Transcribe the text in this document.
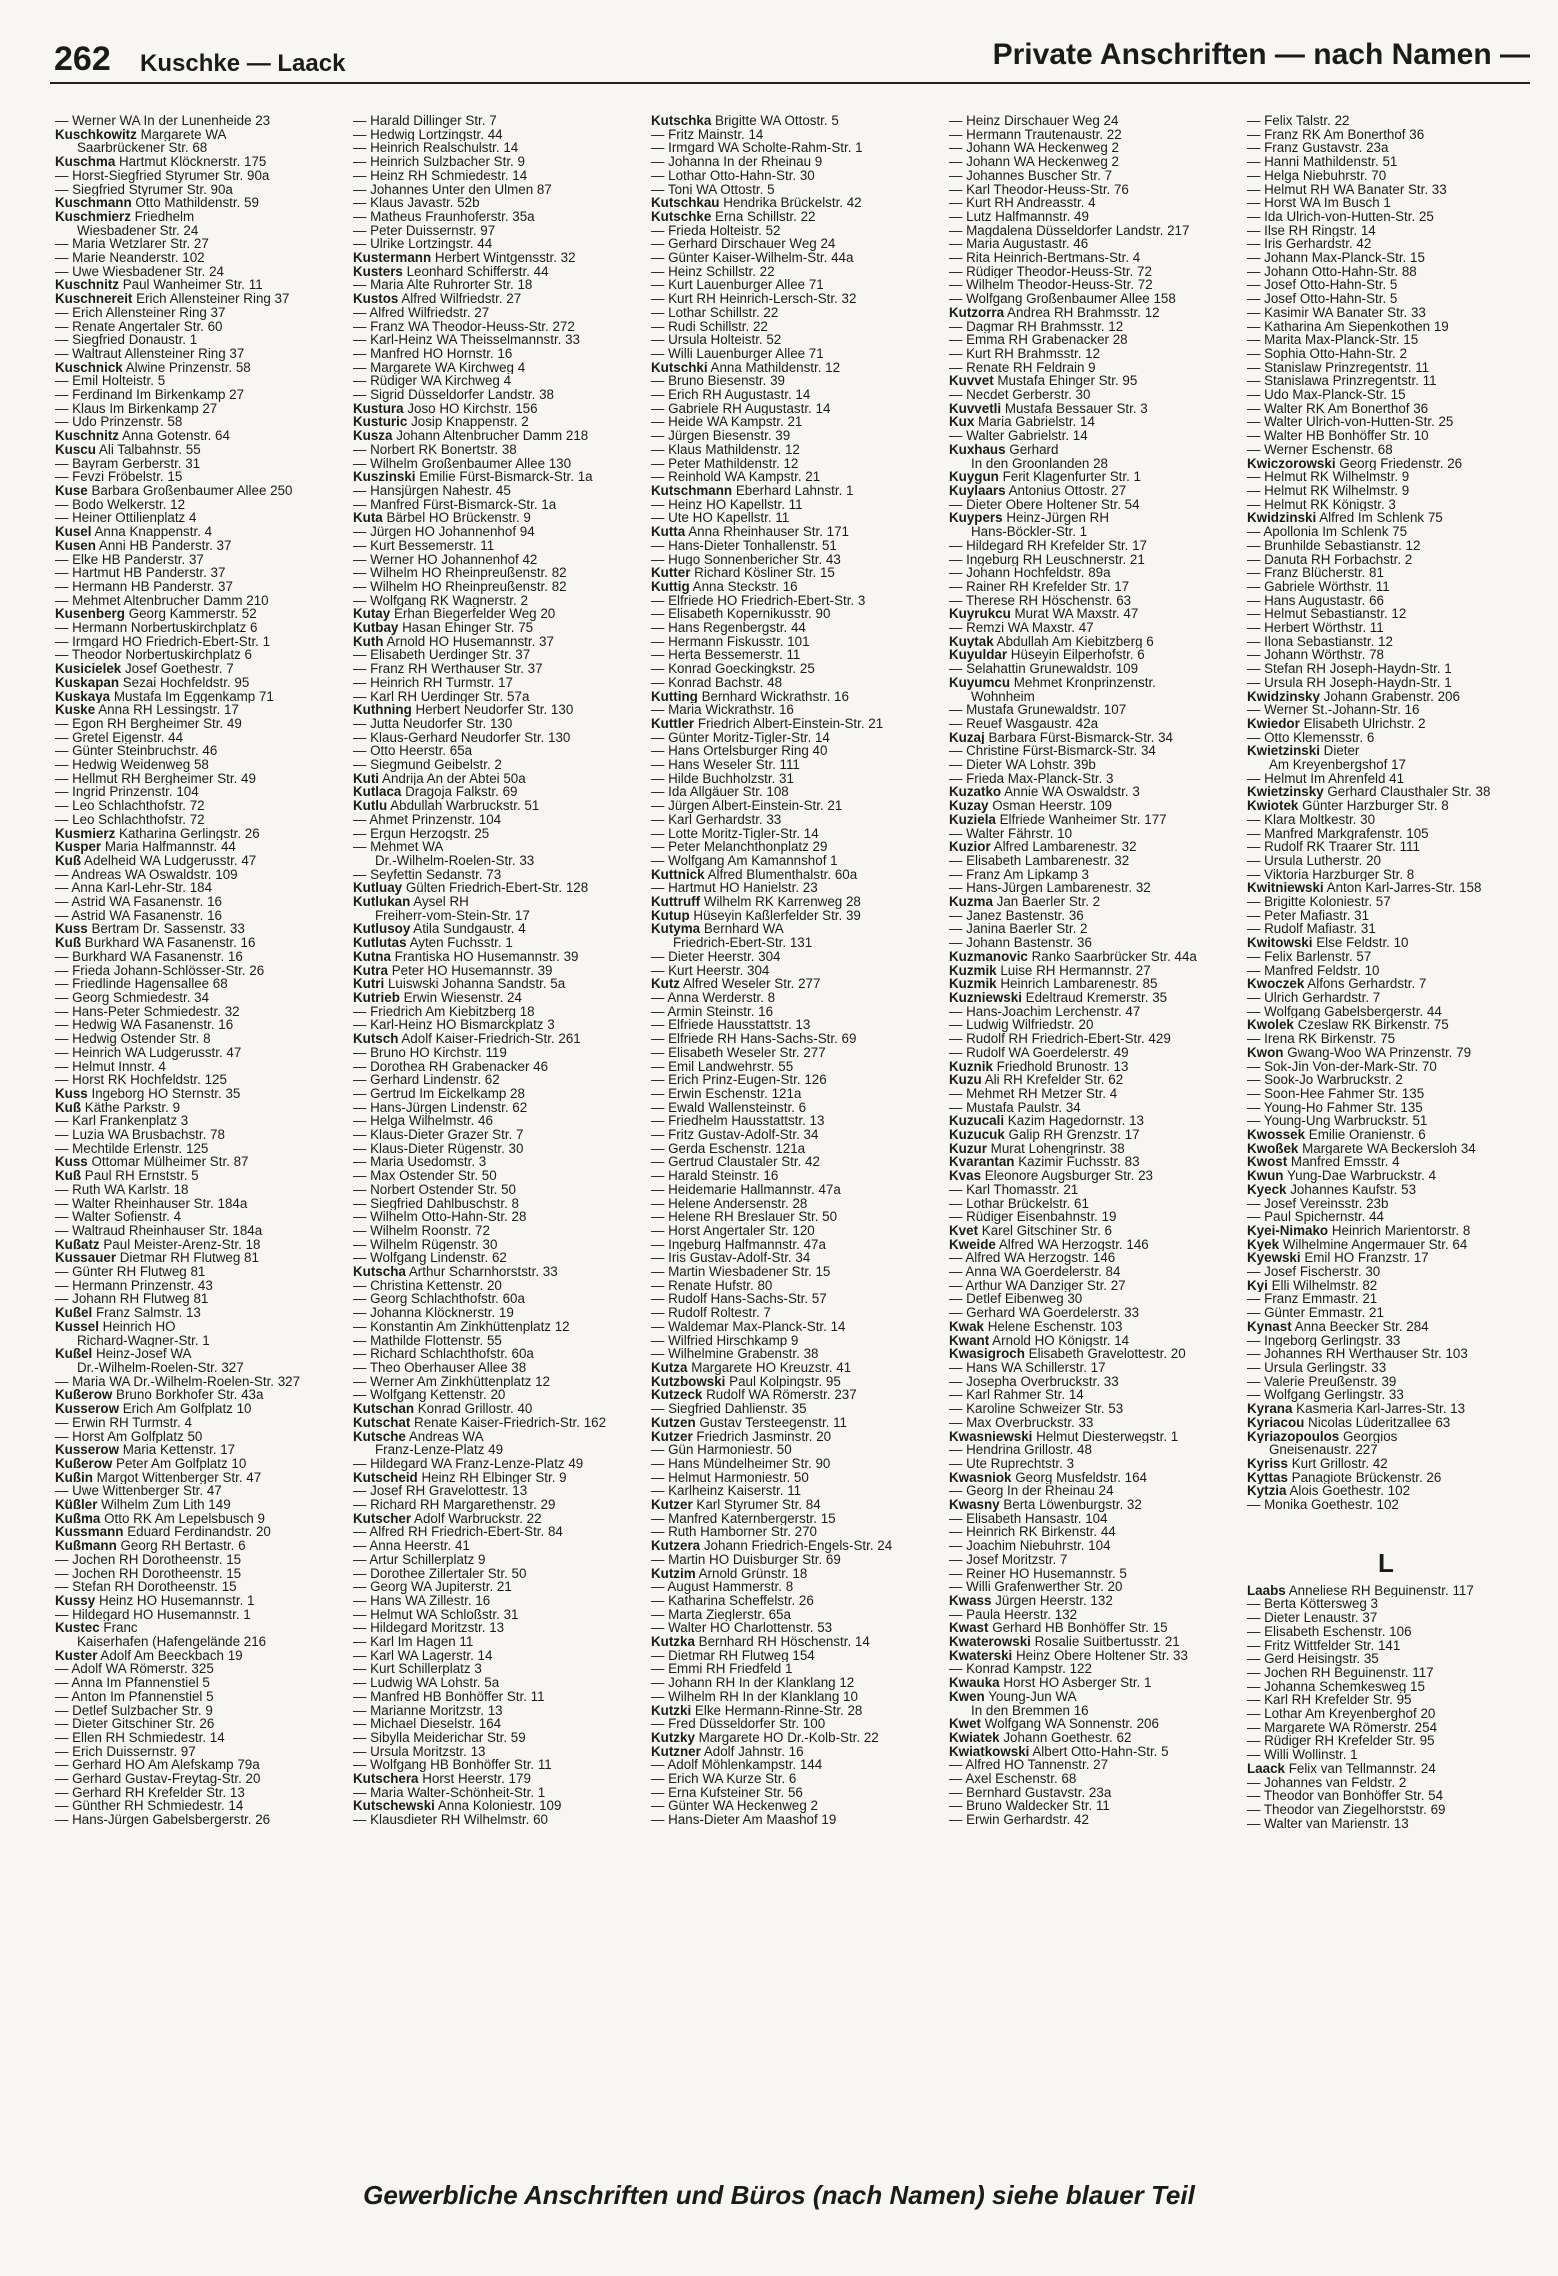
262 Kuschke — Laack	Private Anschriften — nach Namen —
— Werner WA In der Lunenheide 23
Kuschkowitz Margarete WA
Saarbrückener Str. 68
Kuschma Hartmut Klöcknerstr. 175
— Horst-Siegfried Styrumer Str. 90a
— Siegfried Styrumer Str. 90a
Kuschmann Otto Mathildenstr. 59
Kuschmierz Friedhelm
Wiesbadener Str. 24
— Maria Wetzlarer Str. 27
— Marie Neanderstr. 102
— Uwe Wiesbadener Str. 24
Kuschnitz Paul Wanheimer Str. 11
Kuschnereit Erich Allensteiner Ring 37
— Erich Allensteiner Ring 37
— Renate Angertaler Str. 60
— Siegfried Donaustr. 1
— Waltraut Allensteiner Ring 37
Kuschnick Alwine Prinzenstr. 58
— Emil Holteistr. 5
— Ferdinand Im Birkenkamp 27
— Klaus Im Birkenkamp 27
— Udo Prinzenstr. 58
Kuschnitz Anna Gotenstr. 64
Kuscu Ali Talbahnstr. 55
— Bayram Gerberstr. 31
— Fevzi Fröbelstr. 15
Kuse Barbara Großenbaumer Allee 250
— Bodo Welkerstr. 12
— Heiner Ottilienplatz 4
Kusel Anna Knappenstr. 4
Kusen Anni HB Panderstr. 37
— Elke HB Panderstr. 37
— Hartmut HB Panderstr. 37
— Hermann HB Panderstr. 37
— Mehmet Altenbrucher Damm 210
Kusenberg Georg Kammerstr. 52
— Hermann Norbertuskirchplatz 6
— Irmgard HO Friedrich-Ebert-Str. 1
— Theodor Norbertuskirchplatz 6
Kusicielek Josef Goethestr. 7
Kuskapan Sezai Hochfeldstr. 95
Kuskaya Mustafa Im Eggenkamp 71
Kuske Anna RH Lessingstr. 17
— Egon RH Bergheimer Str. 49
— Gretel Eigenstr. 44
— Günter Steinbruchstr. 46
— Hedwig Weidenweg 58
— Hellmut RH Bergheimer Str. 49
— Ingrid Prinzenstr. 104
— Leo Schlachthofstr. 72
— Leo Schlachthofstr. 72
Kusmierz Katharina Gerlingstr. 26
Kusper Maria Halfmannstr. 44
Kuß Adelheid WA Ludgerusstr. 47
— Andreas WA Oswaldstr. 109
— Anna Karl-Lehr-Str. 184
— Astrid WA Fasanenstr. 16
— Astrid WA Fasanenstr. 16
Kuss Bertram Dr. Sassenstr. 33
Kuß Burkhard WA Fasanenstr. 16
— Burkhard WA Fasanenstr. 16
— Frieda Johann-Schlösser-Str. 26
— Friedlinde Hagensallee 68
— Georg Schmiedestr. 34
— Hans-Peter Schmiedestr. 32
— Hedwig WA Fasanenstr. 16
— Hedwig Ostender Str. 8
— Heinrich WA Ludgerusstr. 47
— Helmut Innstr. 4
— Horst RK Hochfeldstr. 125
Kuss Ingeborg HO Sternstr. 35
Kuß Käthe Parkstr. 9
— Karl Frankenplatz 3
— Luzia WA Brusbachstr. 78
— Mechtilde Erlenstr. 125
Kuss Ottomar Mülheimer Str. 87
Kuß Paul RH Ernststr. 5
— Ruth WA Karlstr. 18
— Walter Rheinhauser Str. 184a
— Walter Sofienstr. 4
— Waltraud Rheinhauser Str. 184a
Kußatz Paul Meister-Arenz-Str. 18
Kussauer Dietmar RH Flutweg 81
— Günter RH Flutweg 81
— Hermann Prinzenstr. 43
— Johann RH Flutweg 81
Kußel Franz Salmstr. 13
Kussel Heinrich HO
Richard-Wagner-Str. 1
Kußel Heinz-Josef WA
Dr.-Wilhelm-Roelen-Str. 327
— Maria WA Dr.-Wilhelm-Roelen-Str. 327
Kußerow Bruno Borkhofer Str. 43a
Kusserow Erich Am Golfplatz 10
— Erwin RH Turmstr. 4
— Horst Am Golfplatz 50
Kusserow Maria Kettenstr. 17
Kußerow Peter Am Golfplatz 10
Kußin Margot Wittenberger Str. 47
— Uwe Wittenberger Str. 47
Küßler Wilhelm Zum Lith 149
Kußma Otto RK Am Lepelsbusch 9
Kussmann Eduard Ferdinandstr. 20
Kußmann Georg RH Bertastr. 6
— Jochen RH Dorotheenstr. 15
— Jochen RH Dorotheenstr. 15
— Stefan RH Dorotheenstr. 15
Kussy Heinz HO Husemannstr. 1
— Hildegard HO Husemannstr. 1
Kustec Franc
Kaiserhafen (Hafengelände 216
Kuster Adolf Am Beeckbach 19
— Adolf WA Römerstr. 325
— Anna Im Pfannenstiel 5
— Anton Im Pfannenstiel 5
— Detlef Sulzbacher Str. 9
— Dieter Gitschiner Str. 26
— Ellen RH Schmiedestr. 14
— Erich Duissernstr. 97
— Gerhard HO Am Alefskamp 79a
— Gerhard Gustav-Freytag-Str. 20
— Gerhard RH Krefelder Str. 13
— Günther RH Schmiedestr. 14
— Hans-Jürgen Gabelsbergerstr. 26
— Harald Dillinger Str. 7
— Hedwig Lortzingstr. 44
— Heinrich Realschulstr. 14
— Heinrich Sulzbacher Str. 9
— Heinz RH Schmiedestr. 14
— Johannes Unter den Ulmen 87
— Klaus Javastr. 52b
— Matheus Fraunhoferstr. 35a
— Peter Duissernstr. 97
— Ulrike Lortzingstr. 44
Kustermann Herbert Wintgensstr. 32
Kusters Leonhard Schifferstr. 44
— Maria Alte Ruhrorter Str. 18
Kustos Alfred Wilfriedstr. 27
— Alfred Wilfriedstr. 27
— Franz WA Theodor-Heuss-Str. 272
— Karl-Heinz WA Theisselmannstr. 33
— Manfred HO Hornstr. 16
— Margarete WA Kirchweg 4
— Rüdiger WA Kirchweg 4
— Sigrid Düsseldorfer Landstr. 38
Kustura Joso HO Kirchstr. 156
Kusturic Josip Knappenstr. 2
Kusza Johann Altenbrucher Damm 218
— Norbert RK Bonertstr. 38
— Wilhelm Großenbaumer Allee 130
Kuszinski Emilie Fürst-Bismarck-Str. 1a
— Hansjürgen Nahestr. 45
— Manfred Fürst-Bismarck-Str. 1a
Kuta Bärbel HO Brückenstr. 9
— Jürgen HO Johannenhof 94
— Kurt Bessemerstr. 11
— Werner HO Johannenhof 42
— Wilhelm HO Rheinpreußenstr. 82
— Wilhelm HO Rheinpreußenstr. 82
— Wolfgang RK Wagnerstr. 2
Kutay Erhan Biegerfelder Weg 20
Kutbay Hasan Ehinger Str. 75
Kuth Arnold HO Husemannstr. 37
— Elisabeth Uerdinger Str. 37
— Franz RH Werthauser Str. 37
— Heinrich RH Turmstr. 17
— Karl RH Uerdinger Str. 57a
Kuthning Herbert Neudorfer Str. 130
— Jutta Neudorfer Str. 130
— Klaus-Gerhard Neudorfer Str. 130
— Otto Heerstr. 65a
— Siegmund Geibelstr. 2
Kuti Andrija An der Abtei 50a
Kutlaca Dragoja Falkstr. 69
Kutlu Abdullah Warbruckstr. 51
— Ahmet Prinzenstr. 104
— Ergun Herzogstr. 25
— Mehmet WA
Dr.-Wilhelm-Roelen-Str. 33
— Seyfettin Sedanstr. 73
Kutluay Gülten Friedrich-Ebert-Str. 128
Kutlukan Aysel RH
Freiherr-vom-Stein-Str. 17
Kutlusoy Atila Sundgaustr. 4
Kutlutas Ayten Fuchsstr. 1
Kutna Frantiska HO Husemannstr. 39
Kutra Peter HO Husemannstr. 39
Kutri Luiswski Johanna Sandstr. 5a
Kutrieb Erwin Wiesenstr. 24
— Friedrich Am Kiebitzberg 18
— Karl-Heinz HO Bismarckplatz 3
Kutsch Adolf Kaiser-Friedrich-Str. 261
— Bruno HO Kirchstr. 119
— Dorothea RH Grabenacker 46
— Gerhard Lindenstr. 62
— Gertrud Im Eickelkamp 28
— Hans-Jürgen Lindenstr. 62
— Helga Wilhelmstr. 46
— Klaus-Dieter Grazer Str. 7
— Klaus-Dieter Rügenstr. 30
— Maria Usedomstr. 3
— Max Ostender Str. 50
— Norbert Ostender Str. 50
— Siegfried Dahlbuschstr. 8
— Wilhelm Otto-Hahn-Str. 28
— Wilhelm Roonstr. 72
— Wilhelm Rügenstr. 30
— Wolfgang Lindenstr. 62
Kutscha Arthur Scharnhorststr. 33
— Christina Kettenstr. 20
— Georg Schlachthofstr. 60a
— Johanna Klöcknerstr. 19
— Konstantin Am Zinkhüttenplatz 12
— Mathilde Flottenstr. 55
— Richard Schlachthofstr. 60a
— Theo Oberhauser Allee 38
— Werner Am Zinkhüttenplatz 12
— Wolfgang Kettenstr. 20
Kutschan Konrad Grillostr. 40
Kutschat Renate Kaiser-Friedrich-Str. 162
Kutsche Andreas WA
Franz-Lenze-Platz 49
— Hildegard WA Franz-Lenze-Platz 49
Kutscheid Heinz RH Elbinger Str. 9
— Josef RH Gravelottestr. 13
— Richard RH Margarethenstr. 29
Kutscher Adolf Warbruckstr. 22
— Alfred RH Friedrich-Ebert-Str. 84
— Anna Heerstr. 41
— Artur Schillerplatz 9
— Dorothee Zillertaler Str. 50
— Georg WA Jupiterstr. 21
— Hans WA Zillestr. 16
— Helmut WA Schloßstr. 31
— Hildegard Moritzstr. 13
— Karl Im Hagen 11
— Karl WA Lagerstr. 14
— Kurt Schillerplatz 3
— Ludwig WA Lohstr. 5a
— Manfred HB Bonhöffer Str. 11
— Marianne Moritzstr. 13
— Michael Dieselstr. 164
— Sibylla Meiderichar Str. 59
— Ursula Moritzstr. 13
— Wolfgang HB Bonhöffer Str. 11
Kutschera Horst Heerstr. 179
— Maria Walter-Schönheit-Str. 1
Kutschewski Anna Koloniestr. 109
— Klausdieter RH Wilhelmstr. 60
Kutschka Brigitte WA Ottostr. 5
— Fritz Mainstr. 14
— Irmgard WA Scholte-Rahm-Str. 1
— Johanna In der Rheinau 9
— Lothar Otto-Hahn-Str. 30
— Toni WA Ottostr. 5
Kutschkau Hendrika Brückelstr. 42
Kutschke Erna Schillstr. 22
— Frieda Holteistr. 52
— Gerhard Dirschauer Weg 24
— Günter Kaiser-Wilhelm-Str. 44a
— Heinz Schillstr. 22
— Kurt Lauenburger Allee 71
— Kurt RH Heinrich-Lersch-Str. 32
— Lothar Schillstr. 22
— Rudi Schillstr. 22
— Ursula Holteistr. 52
— Willi Lauenburger Allee 71
Kutschki Anna Mathildenstr. 12
— Bruno Biesenstr. 39
— Erich RH Augustastr. 14
— Gabriele RH Augustastr. 14
— Heide WA Kampstr. 21
— Jürgen Biesenstr. 39
— Klaus Mathildenstr. 12
— Peter Mathildenstr. 12
— Reinhold WA Kampstr. 21
Kutschmann Eberhard Lahnstr. 1
— Heinz HO Kapellstr. 11
— Ute HO Kapellstr. 11
Kutta Anna Rheinhauser Str. 171
— Hans-Dieter Tonhallenstr. 51
— Hugo Sonnenbericher Str. 43
Kutter Richard Kösliner Str. 15
Kuttig Anna Steckstr. 16
— Elfriede HO Friedrich-Ebert-Str. 3
— Elisabeth Kopernikusstr. 90
— Hans Regenbergstr. 44
— Hermann Fiskusstr. 101
— Herta Bessemerstr. 11
— Konrad Goeckingkstr. 25
— Konrad Bachstr. 48
Kutting Bernhard Wickrathstr. 16
— Maria Wickrathstr. 16
Kuttler Friedrich Albert-Einstein-Str. 21
— Günter Moritz-Tigler-Str. 14
— Hans Ortelsburger Ring 40
— Hans Weseler Str. 111
— Hilde Buchholzstr. 31
— Ida Allgäuer Str. 108
— Jürgen Albert-Einstein-Str. 21
— Karl Gerhardstr. 33
— Lotte Moritz-Tigler-Str. 14
— Peter Melanchthonplatz 29
— Wolfgang Am Kamannshof 1
Kuttnick Alfred Blumenthalstr. 60a
— Hartmut HO Hanielstr. 23
Kuttruff Wilhelm RK Karrenweg 28
Kutup Hüseyin Kaßlerfelder Str. 39
Kutyma Bernhard WA
Friedrich-Ebert-Str. 131
— Dieter Heerstr. 304
— Kurt Heerstr. 304
Kutz Alfred Weseler Str. 277
— Anna Werderstr. 8
— Armin Steinstr. 16
— Elfriede Hausstattstr. 13
— Elfriede RH Hans-Sachs-Str. 69
— Elisabeth Weseler Str. 277
— Emil Landwehrstr. 55
— Erich Prinz-Eugen-Str. 126
— Erwin Eschenstr. 121a
— Ewald Wallensteinstr. 6
— Friedhelm Hausstattstr. 13
— Fritz Gustav-Adolf-Str. 34
— Gerda Eschenstr. 121a
— Gertrud Claustaler Str. 42
— Harald Steinstr. 16
— Heidemarie Hallmannstr. 47a
— Helene Andersenstr. 28
— Helene RH Breslauer Str. 50
— Horst Angertaler Str. 120
— Ingeburg Halfmannstr. 47a
— Iris Gustav-Adolf-Str. 34
— Martin Wiesbadener Str. 15
— Renate Hufstr. 80
— Rudolf Hans-Sachs-Str. 57
— Rudolf Roltestr. 7
— Waldemar Max-Planck-Str. 14
— Wilfried Hirschkamp 9
— Wilhelmine Grabenstr. 38
Kutza Margarete HO Kreuzstr. 41
Kutzbowski Paul Kolpingstr. 95
Kutzeck Rudolf WA Römerstr. 237
— Siegfried Dahlienstr. 35
Kutzen Gustav Tersteegenstr. 11
Kutzer Friedrich Jasminstr. 20
— Gün Harmoniestr. 50
— Hans Mündelheimer Str. 90
— Helmut Harmoniestr. 50
— Karlheinz Kaiserstr. 11
Kutzer Karl Styrumer Str. 84
— Manfred Katernbergerstr. 15
— Ruth Hamborner Str. 270
Kutzera Johann Friedrich-Engels-Str. 24
— Martin HO Duisburger Str. 69
Kutzim Arnold Grünstr. 18
— August Hammerstr. 8
— Katharina Scheffelstr. 26
— Marta Zieglerstr. 65a
— Walter HO Charlottenstr. 53
Kutzka Bernhard RH Höschenstr. 14
— Dietmar RH Flutweg 154
— Emmi RH Friedfeld 1
— Johann RH In der Klanklang 12
— Wilhelm RH In der Klanklang 10
Kutzki Elke Hermann-Rinne-Str. 28
— Fred Düsseldorfer Str. 100
Kutzky Margarete HO Dr.-Kolb-Str. 22
Kutzner Adolf Jahnstr. 16
— Adolf Möhlenkampstr. 144
— Erich WA Kurze Str. 6
— Erna Kufsteiner Str. 56
— Günter WA Heckenweg 2
— Hans-Dieter Am Maashof 19
— Heinz Dirschauer Weg 24
— Hermann Trautenaustr. 22
— Johann WA Heckenweg 2
— Johann WA Heckenweg 2
— Johannes Buscher Str. 7
— Karl Theodor-Heuss-Str. 76
— Kurt RH Andreasstr. 4
— Lutz Halfmannstr. 49
— Magdalena Düsseldorfer Landstr. 217
— Maria Augustastr. 46
— Rita Heinrich-Bertmans-Str. 4
— Rüdiger Theodor-Heuss-Str. 72
— Wilhelm Theodor-Heuss-Str. 72
— Wolfgang Großenbaumer Allee 158
Kutzorra Andrea RH Brahmsstr. 12
— Dagmar RH Brahmsstr. 12
— Emma RH Grabenacker 28
— Kurt RH Brahmsstr. 12
— Renate RH Feldrain 9
Kuvvet Mustafa Ehinger Str. 95
— Necdet Gerberstr. 30
Kuvvetli Mustafa Bessauer Str. 3
Kux Maria Gabrielstr. 14
— Walter Gabrielstr. 14
Kuxhaus Gerhard
In den Groonlanden 28
Kuygun Ferit Klagenfurter Str. 1
Kuylaars Antonius Ottostr. 27
— Dieter Obere Holtener Str. 54
Kuypers Heinz-Jürgen RH
Hans-Böckler-Str. 1
— Hildegard RH Krefelder Str. 17
— Ingeburg RH Leuschnerstr. 21
— Johann Hochfeldstr. 89a
— Rainer RH Krefelder Str. 17
— Therese RH Höschenstr. 63
Kuyrukcu Murat WA Maxstr. 47
— Remzi WA Maxstr. 47
Kuytak Abdullah Am Kiebitzberg 6
Kuyuldar Hüseyin Eilperhofstr. 6
— Selahattin Grunewaldstr. 109
Kuyumcu Mehmet Kronprinzenstr.
Wohnheim
— Mustafa Grunewaldstr. 107
— Reuef Wasgaustr. 42a
Kuzaj Barbara Fürst-Bismarck-Str. 34
— Christine Fürst-Bismarck-Str. 34
— Dieter WA Lohstr. 39b
— Frieda Max-Planck-Str. 3
Kuzatko Annie WA Oswaldstr. 3
Kuzay Osman Heerstr. 109
Kuziela Elfriede Wanheimer Str. 177
— Walter Fährstr. 10
Kuzior Alfred Lambarenestr. 32
— Elisabeth Lambarenestr. 32
— Franz Am Lipkamp 3
— Hans-Jürgen Lambarenestr. 32
Kuzma Jan Baerler Str. 2
— Janez Bastenstr. 36
— Janina Baerler Str. 2
— Johann Bastenstr. 36
Kuzmanovic Ranko Saarbrücker Str. 44a
Kuzmik Luise RH Hermannstr. 27
Kuzmik Heinrich Lambarenestr. 85
Kuzniewski Edeltraud Kremerstr. 35
— Hans-Joachim Lerchenstr. 47
— Ludwig Wilfriedstr. 20
— Rudolf RH Friedrich-Ebert-Str. 429
— Rudolf WA Goerdelerstr. 49
Kuznik Friedhold Brunostr. 13
Kuzu Ali RH Krefelder Str. 62
— Mehmet RH Metzer Str. 4
— Mustafa Paulstr. 34
Kuzucali Kazim Hagedornstr. 13
Kuzucuk Galip RH Grenzstr. 17
Kuzur Murat Lohengrinstr. 38
Kvarantan Kazimir Fuchsstr. 83
Kvas Eleonore Augsburger Str. 23
— Karl Thomasstr. 21
— Lothar Brückelstr. 61
— Rüdiger Eisenbahnstr. 19
Kvet Karel Gitschiner Str. 6
Kweide Alfred WA Herzogstr. 146
— Alfred WA Herzogstr. 146
— Anna WA Goerdelerstr. 84
— Arthur WA Danziger Str. 27
— Detlef Eibenweg 30
— Gerhard WA Goerdelerstr. 33
Kwak Helene Eschenstr. 103
Kwant Arnold HO Königstr. 14
Kwasigroch Elisabeth Gravelottestr. 20
— Hans WA Schillerstr. 17
— Josepha Overbruckstr. 33
— Karl Rahmer Str. 14
— Karoline Schweizer Str. 53
— Max Overbruckstr. 33
Kwasniewski Helmut Diesterwegstr. 1
— Hendrina Grillostr. 48
— Ute Ruprechtstr. 3
Kwasniok Georg Musfeldstr. 164
— Georg In der Rheinau 24
Kwasny Berta Löwenburgstr. 32
— Elisabeth Hansastr. 104
— Heinrich RK Birkenstr. 44
— Joachim Niebuhrstr. 104
— Josef Moritzstr. 7
— Reiner HO Husemannstr. 5
— Willi Grafenwerther Str. 20
Kwass Jürgen Heerstr. 132
— Paula Heerstr. 132
Kwast Gerhard HB Bonhöffer Str. 15
Kwaterowski Rosalie Suitbertusstr. 21
Kwaterski Heinz Obere Holtener Str. 33
— Konrad Kampstr. 122
Kwauka Horst HO Asberger Str. 1
Kwen Young-Jun WA
In den Bremmen 16
Kwet Wolfgang WA Sonnenstr. 206
Kwiatek Johann Goethestr. 62
Kwiatkowski Albert Otto-Hahn-Str. 5
— Alfred HO Tannenstr. 27
— Axel Eschenstr. 68
— Bernhard Gustavstr. 23a
— Bruno Waldecker Str. 11
— Erwin Gerhardstr. 42
— Felix Talstr. 22
— Franz RK Am Bonerthof 36
— Franz Gustavstr. 23a
— Hanni Mathildenstr. 51
— Helga Niebuhrstr. 70
— Helmut RH WA Banater Str. 33
— Horst WA Im Busch 1
— Ida Ulrich-von-Hutten-Str. 25
— Ilse RH Ringstr. 14
— Iris Gerhardstr. 42
— Johann Max-Planck-Str. 15
— Johann Otto-Hahn-Str. 88
— Josef Otto-Hahn-Str. 5
— Josef Otto-Hahn-Str. 5
— Kasimir WA Banater Str. 33
— Katharina Am Siepenkothen 19
— Marita Max-Planck-Str. 15
— Sophia Otto-Hahn-Str. 2
— Stanislaw Prinzregentstr. 11
— Stanislawa Prinzregentstr. 11
— Udo Max-Planck-Str. 15
— Walter RK Am Bonerthof 36
— Walter Ulrich-von-Hutten-Str. 25
— Walter HB Bonhöffer Str. 10
— Werner Eschenstr. 68
Kwiczorowski Georg Friedenstr. 26
— Helmut RK Wilhelmstr. 9
— Helmut RK Wilhelmstr. 9
— Helmut RK Königstr. 3
Kwidzinski Alfred Im Schlenk 75
— Apollonia Im Schlenk 75
— Brunhilde Sebastianstr. 12
— Danuta RH Forbachstr. 2
— Franz Blücherstr. 81
— Gabriele Wörthstr. 11
— Hans Augustastr. 66
— Helmut Sebastianstr. 12
— Herbert Wörthstr. 11
— Ilona Sebastianstr. 12
— Johann Wörthstr. 78
— Stefan RH Joseph-Haydn-Str. 1
— Ursula RH Joseph-Haydn-Str. 1
Kwidzinsky Johann Grabenstr. 206
— Werner St.-Johann-Str. 16
Kwiedor Elisabeth Ulrichstr. 2
— Otto Klemensstr. 6
Kwietzinski Dieter
Am Kreyenbergshof 17
— Helmut Im Ahrenfeld 41
Kwietzinsky Gerhard Clausthaler Str. 38
Kwiotek Günter Harzburger Str. 8
— Klara Moltkestr. 30
— Manfred Markgrafenstr. 105
— Rudolf RK Traarer Str. 111
— Ursula Lutherstr. 20
— Viktoria Harzburger Str. 8
Kwitniewski Anton Karl-Jarres-Str. 158
— Brigitte Koloniestr. 57
— Peter Mafiastr. 31
— Rudolf Mafiastr. 31
Kwitowski Else Feldstr. 10
— Felix Barlenstr. 57
— Manfred Feldstr. 10
Kwoczek Alfons Gerhardstr. 7
— Ulrich Gerhardstr. 7
— Wolfgang Gabelsbergerstr. 44
Kwolek Czeslaw RK Birkenstr. 75
— Irena RK Birkenstr. 75
Kwon Gwang-Woo WA Prinzenstr. 79
— Sok-Jin Von-der-Mark-Str. 70
— Sook-Jo Warbruckstr. 2
— Soon-Hee Fahmer Str. 135
— Young-Ho Fahmer Str. 135
— Young-Ung Warbruckstr. 51
Kwossek Emilie Oranienstr. 6
Kwoßek Margarete WA Beckersloh 34
Kwost Manfred Emsstr. 4
Kwun Yung-Dae Warbruckstr. 4
Kyeck Johannes Kaufstr. 53
— Josef Vereinsstr. 23b
— Paul Spichernstr. 44
Kyei-Nimako Heinrich Marientorstr. 8
Kyek Wilhelmine Angermauer Str. 64
Kyewski Emil HO Franzstr. 17
— Josef Fischerstr. 30
Kyi Elli Wilhelmstr. 82
— Franz Emmastr. 21
— Günter Emmastr. 21
Kynast Anna Beecker Str. 284
— Ingeborg Gerlingstr. 33
— Johannes RH Werthauser Str. 103
— Ursula Gerlingstr. 33
— Valerie Preußenstr. 39
— Wolfgang Gerlingstr. 33
Kyrana Kasmeria Karl-Jarres-Str. 13
Kyriacou Nicolas Lüderitzallee 63
Kyriazopoulos Georgios
Gneisenaustr. 227
Kyriss Kurt Grillostr. 42
Kyttas Panagiote Brückenstr. 26
Kytzia Alois Goethestr. 102
— Monika Goethestr. 102
L
Laabs Anneliese RH Beguinenstr. 117
— Berta Köttersweg 3
— Dieter Lenaustr. 37
— Elisabeth Eschenstr. 106
— Fritz Wittfelder Str. 141
— Gerd Heisingstr. 35
— Jochen RH Beguinenstr. 117
— Johanna Schemkesweg 15
— Karl RH Krefelder Str. 95
— Lothar Am Kreyenberghof 20
— Margarete WA Römerstr. 254
— Rüdiger RH Krefelder Str. 95
— Willi Wollinstr. 1
Laack Felix van Tellmannstr. 24
— Johannes van Feldstr. 2
— Theodor van Bonhöffer Str. 54
— Theodor van Ziegelhorststr. 69
— Walter van Marienstr. 13
Gewerbliche Anschriften und Büros (nach Namen) siehe blauer Teil
